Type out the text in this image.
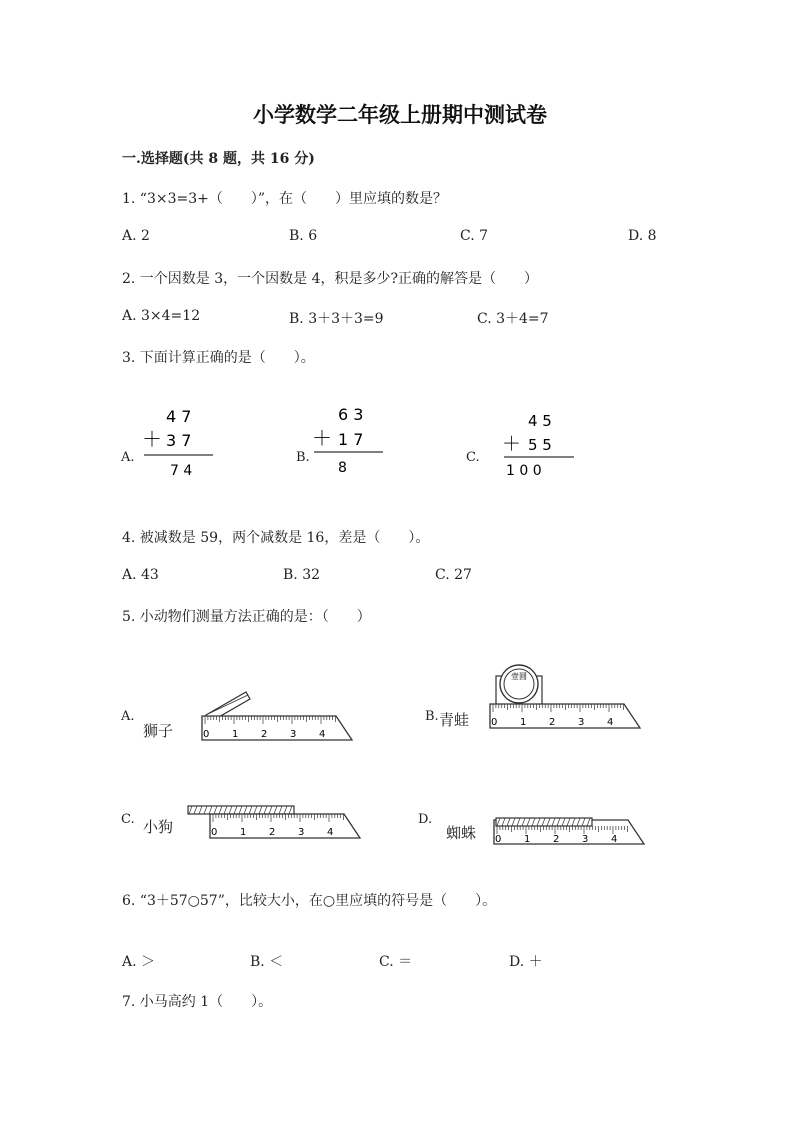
小学数学二年级上册期中测试卷
一.选择题(共 8 题，共 16 分)
1. “3×3=3+（　　）”，在（　　）里应填的数是？
A. 2	B. 6	C. 7	D. 8
2. 一个因数是 3，一个因数是 4，积是多少?正确的解答是（　　）
A. 3×4=12	B. 3＋3＋3=9	C. 3＋4=7
3. 下面计算正确的是（　　）。
A.
4 7
＋ 3 7
7 4
B.
6 3
＋ 1 7
8
C.
4 5
＋ 5 5
1 0 0
4. 被减数是 59，两个减数是 16，差是（　　）。
A. 43	B. 32	C. 27
5. 小动物们测量方法正确的是：（　　）
A.
狮子	0 1 2 3 4
B. 青蛙
壹圆
0 1 2 3 4
C. 小狗	0 1 2 3 4
D.
蜘蛛 0 1 2 3 4
6. “3＋57○57”，比较大小，在○里应填的符号是（　　）。
A. ＞	B. ＜	C. ＝	D. ＋
7. 小马高约 1（　　）。
